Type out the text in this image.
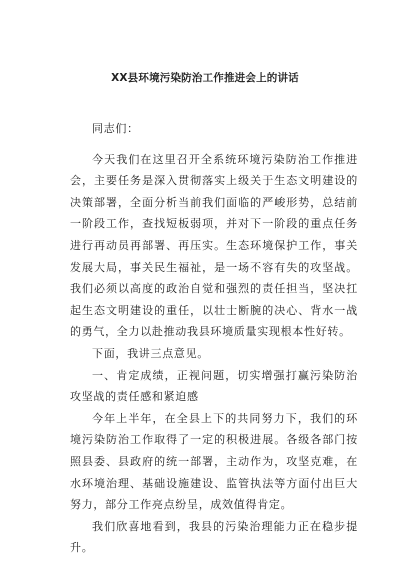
XX县环境污染防治工作推进会上的讲话

同志们：

今天我们在这里召开全系统环境污染防治工作推进会，主要任务是深入贯彻落实上级关于生态文明建设的决策部署，全面分析当前我们面临的严峻形势，总结前一阶段工作，查找短板弱项，并对下一阶段的重点任务进行再动员再部署、再压实。生态环境保护工作，事关发展大局，事关民生福祉，是一场不容有失的攻坚战。我们必须以高度的政治自觉和强烈的责任担当，坚决扛起生态文明建设的重任，以壮士断腕的决心、背水一战的勇气，全力以赴推动我县环境质量实现根本性好转。

下面，我讲三点意见。

一、肯定成绩，正视问题，切实增强打赢污染防治攻坚战的责任感和紧迫感

今年上半年，在全县上下的共同努力下，我们的环境污染防治工作取得了一定的积极进展。各级各部门按照县委、县政府的统一部署，主动作为，攻坚克难，在水环境治理、基础设施建设、监管执法等方面付出巨大努力，部分工作亮点纷呈，成效值得肯定。

我们欣喜地看到，我县的污染治理能力正在稳步提升。
